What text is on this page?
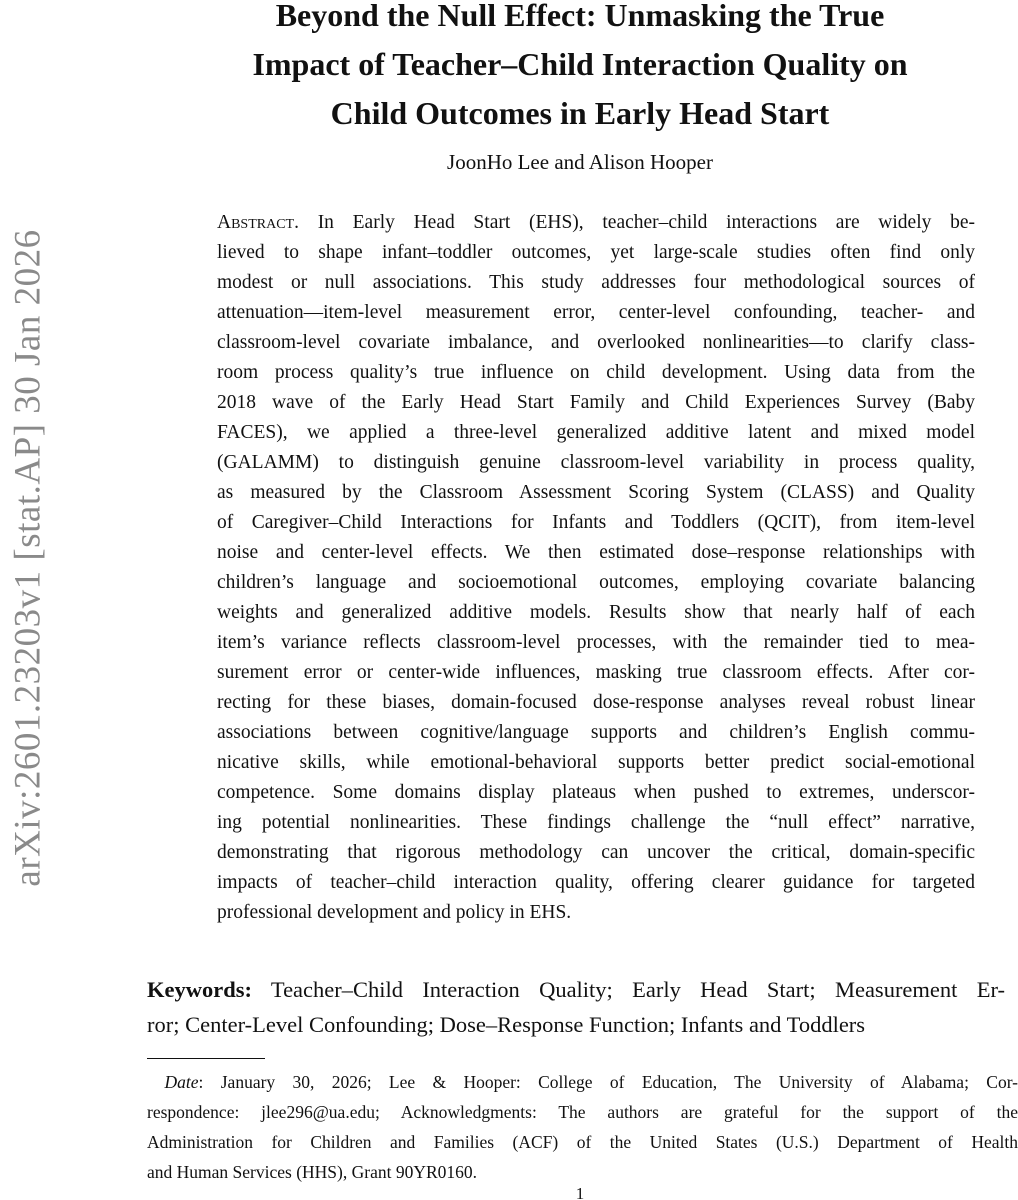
arXiv:2601.23203v1 [stat.AP] 30 Jan 2026
Beyond the Null Effect: Unmasking the True
Impact of Teacher–Child Interaction Quality on
Child Outcomes in Early Head Start
JoonHo Lee and Alison Hooper
Abstract. In Early Head Start (EHS), teacher–child interactions are widely be-
lieved to shape infant–toddler outcomes, yet large-scale studies often find only
modest or null associations. This study addresses four methodological sources of
attenuation—item-level measurement error, center-level confounding, teacher- and
classroom-level covariate imbalance, and overlooked nonlinearities—to clarify class-
room process quality’s true influence on child development. Using data from the
2018 wave of the Early Head Start Family and Child Experiences Survey (Baby
FACES), we applied a three-level generalized additive latent and mixed model
(GALAMM) to distinguish genuine classroom-level variability in process quality,
as measured by the Classroom Assessment Scoring System (CLASS) and Quality
of Caregiver–Child Interactions for Infants and Toddlers (QCIT), from item-level
noise and center-level effects. We then estimated dose–response relationships with
children’s language and socioemotional outcomes, employing covariate balancing
weights and generalized additive models. Results show that nearly half of each
item’s variance reflects classroom-level processes, with the remainder tied to mea-
surement error or center-wide influences, masking true classroom effects. After cor-
recting for these biases, domain-focused dose-response analyses reveal robust linear
associations between cognitive/language supports and children’s English commu-
nicative skills, while emotional-behavioral supports better predict social-emotional
competence. Some domains display plateaus when pushed to extremes, underscor-
ing potential nonlinearities. These findings challenge the “null effect” narrative,
demonstrating that rigorous methodology can uncover the critical, domain-specific
impacts of teacher–child interaction quality, offering clearer guidance for targeted
professional development and policy in EHS.
Keywords: Teacher–Child Interaction Quality; Early Head Start; Measurement Er-
ror; Center-Level Confounding; Dose–Response Function; Infants and Toddlers
 Date: January 30, 2026; Lee & Hooper: College of Education, The University of Alabama; Cor-
respondence: jlee296@ua.edu; Acknowledgments: The authors are grateful for the support of the
Administration for Children and Families (ACF) of the United States (U.S.) Department of Health
and Human Services (HHS), Grant 90YR0160.
1
